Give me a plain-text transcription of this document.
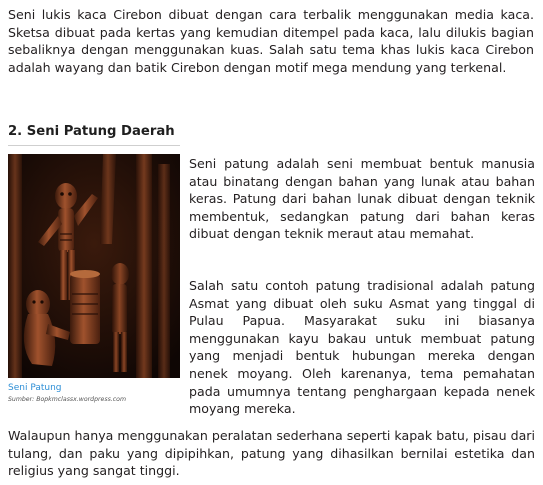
Seni lukis kaca Cirebon dibuat dengan cara terbalik menggunakan media kaca. Sketsa dibuat pada kertas yang kemudian ditempel pada kaca, lalu dilukis bagian sebaliknya dengan menggunakan kuas. Salah satu tema khas lukis kaca Cirebon adalah wayang dan batik Cirebon dengan motif mega mendung yang terkenal.

2. Seni Patung Daerah

Seni Patung

Sumber: Bopkmclassx.wordpress.com

Seni patung adalah seni membuat bentuk manusia atau binatang dengan bahan yang lunak atau bahan keras. Patung dari bahan lunak dibuat dengan teknik membentuk, sedangkan patung dari bahan keras dibuat dengan teknik meraut atau memahat.

Salah satu contoh patung tradisional adalah patung Asmat yang dibuat oleh suku Asmat yang tinggal di Pulau Papua. Masyarakat suku ini biasanya menggunakan kayu bakau untuk membuat patung yang menjadi bentuk hubungan mereka dengan nenek moyang. Oleh karenanya, tema pemahatan pada umumnya tentang penghargaan kepada nenek moyang mereka.

Walaupun hanya menggunakan peralatan sederhana seperti kapak batu, pisau dari tulang, dan paku yang dipipihkan, patung yang dihasilkan bernilai estetika dan religius yang sangat tinggi.
